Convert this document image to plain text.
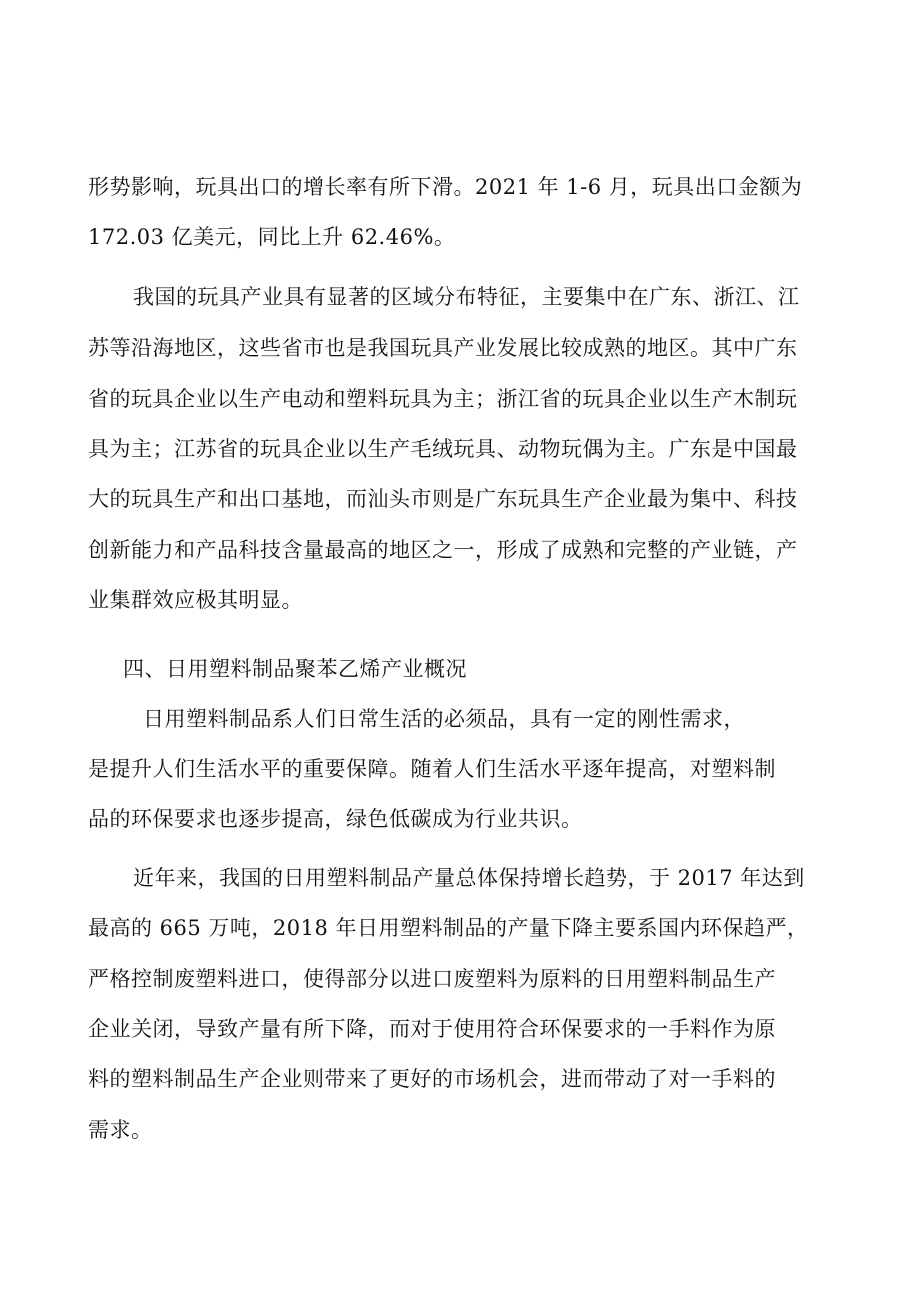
形势影响，玩具出口的增长率有所下滑。2021 年 1-6 月，玩具出口金额为
172.03 亿美元，同比上升 62.46%。
我国的玩具产业具有显著的区域分布特征，主要集中在广东、浙江、江
苏等沿海地区，这些省市也是我国玩具产业发展比较成熟的地区。其中广东
省的玩具企业以生产电动和塑料玩具为主；浙江省的玩具企业以生产木制玩
具为主；江苏省的玩具企业以生产毛绒玩具、动物玩偶为主。广东是中国最
大的玩具生产和出口基地，而汕头市则是广东玩具生产企业最为集中、科技
创新能力和产品科技含量最高的地区之一，形成了成熟和完整的产业链，产
业集群效应极其明显。
四、日用塑料制品聚苯乙烯产业概况
日用塑料制品系人们日常生活的必须品，具有一定的刚性需求，
是提升人们生活水平的重要保障。随着人们生活水平逐年提高，对塑料制
品的环保要求也逐步提高，绿色低碳成为行业共识。
近年来，我国的日用塑料制品产量总体保持增长趋势，于 2017 年达到
最高的 665 万吨，2018 年日用塑料制品的产量下降主要系国内环保趋严，
严格控制废塑料进口，使得部分以进口废塑料为原料的日用塑料制品生产
企业关闭，导致产量有所下降，而对于使用符合环保要求的一手料作为原
料的塑料制品生产企业则带来了更好的市场机会，进而带动了对一手料的
需求。
